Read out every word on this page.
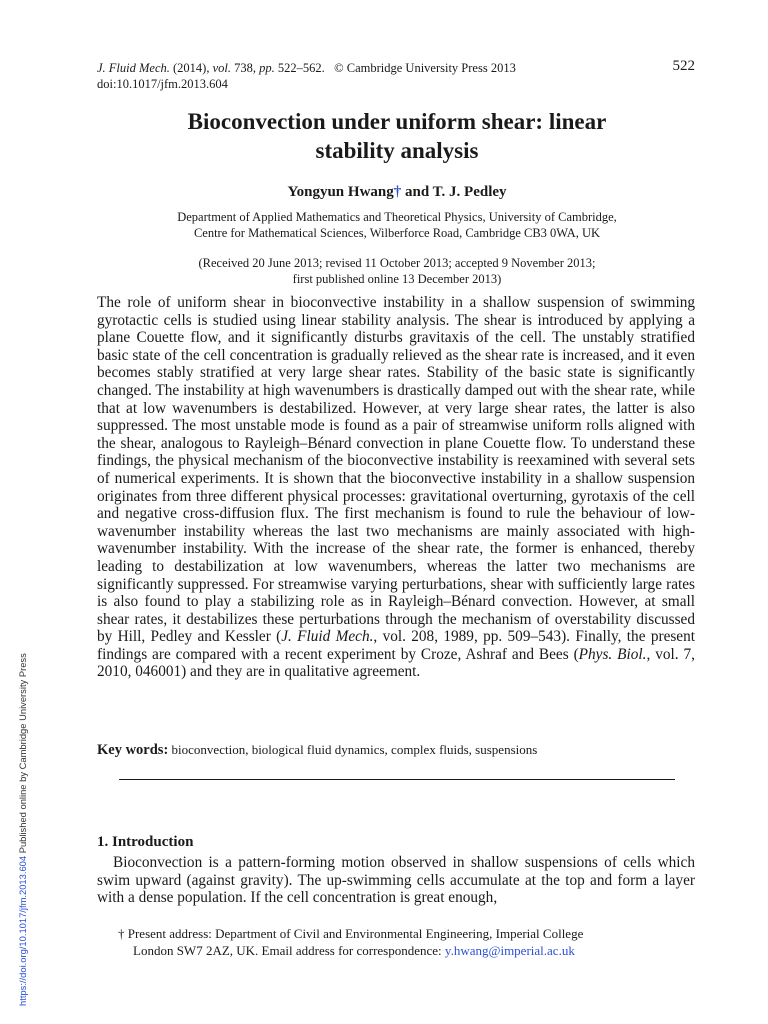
J. Fluid Mech. (2014), vol. 738, pp. 522–562. © Cambridge University Press 2013
doi:10.1017/jfm.2013.604
522
Bioconvection under uniform shear: linear
stability analysis
Yongyun Hwang† and T. J. Pedley
Department of Applied Mathematics and Theoretical Physics, University of Cambridge,
Centre for Mathematical Sciences, Wilberforce Road, Cambridge CB3 0WA, UK
(Received 20 June 2013; revised 11 October 2013; accepted 9 November 2013;
first published online 13 December 2013)
The role of uniform shear in bioconvective instability in a shallow suspension of swimming gyrotactic cells is studied using linear stability analysis. The shear is introduced by applying a plane Couette flow, and it significantly disturbs gravitaxis of the cell. The unstably stratified basic state of the cell concentration is gradually relieved as the shear rate is increased, and it even becomes stably stratified at very large shear rates. Stability of the basic state is significantly changed. The instability at high wavenumbers is drastically damped out with the shear rate, while that at low wavenumbers is destabilized. However, at very large shear rates, the latter is also suppressed. The most unstable mode is found as a pair of streamwise uniform rolls aligned with the shear, analogous to Rayleigh–Bénard convection in plane Couette flow. To understand these findings, the physical mechanism of the bioconvective instability is reexamined with several sets of numerical experiments. It is shown that the bioconvective instability in a shallow suspension originates from three different physical processes: gravitational overturning, gyrotaxis of the cell and negative cross-diffusion flux. The first mechanism is found to rule the behaviour of low-wavenumber instability whereas the last two mechanisms are mainly associated with high-wavenumber instability. With the increase of the shear rate, the former is enhanced, thereby leading to destabilization at low wavenumbers, whereas the latter two mechanisms are significantly suppressed. For streamwise varying perturbations, shear with sufficiently large rates is also found to play a stabilizing role as in Rayleigh–Bénard convection. However, at small shear rates, it destabilizes these perturbations through the mechanism of overstability discussed by Hill, Pedley and Kessler (J. Fluid Mech., vol. 208, 1989, pp. 509–543). Finally, the present findings are compared with a recent experiment by Croze, Ashraf and Bees (Phys. Biol., vol. 7, 2010, 046001) and they are in qualitative agreement.
Key words: bioconvection, biological fluid dynamics, complex fluids, suspensions
1. Introduction
Bioconvection is a pattern-forming motion observed in shallow suspensions of cells which swim upward (against gravity). The up-swimming cells accumulate at the top and form a layer with a dense population. If the cell concentration is great enough,
† Present address: Department of Civil and Environmental Engineering, Imperial College
London SW7 2AZ, UK. Email address for correspondence: y.hwang@imperial.ac.uk
https://doi.org/10.1017/jfm.2013.604 Published online by Cambridge University Press
